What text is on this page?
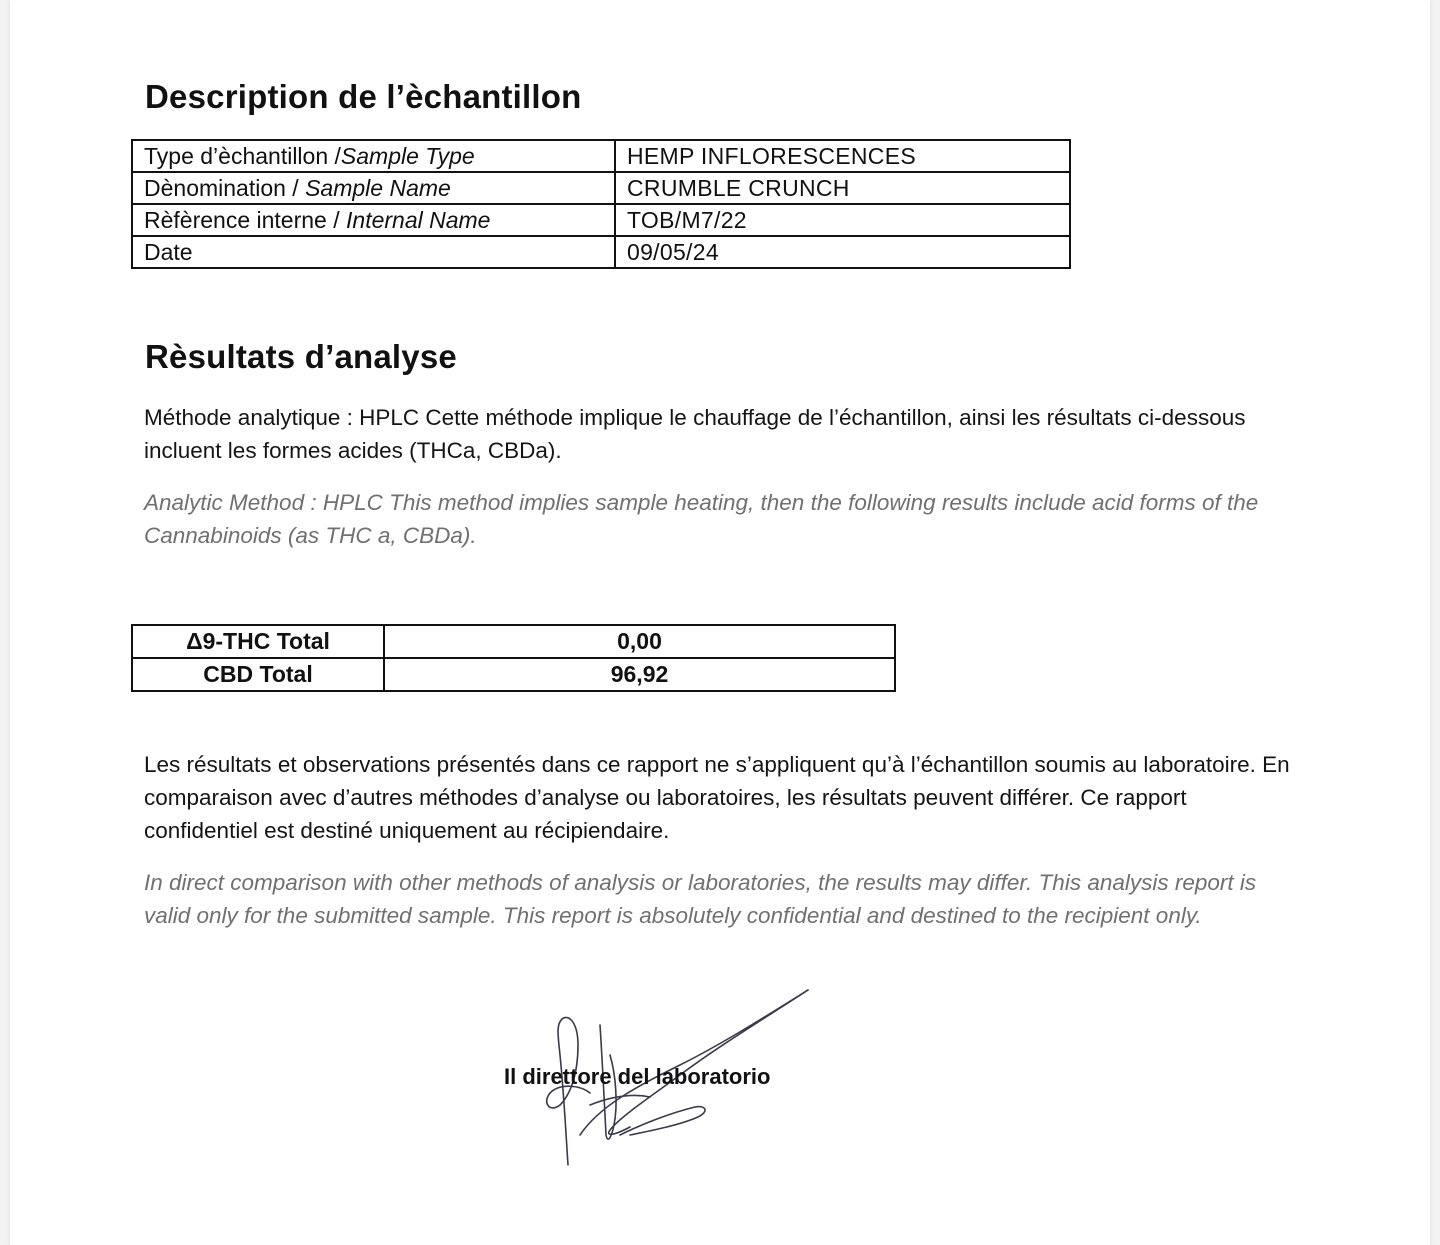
Description de l’èchantillon
Type d’èchantillon /Sample Type	HEMP INFLORESCENCES
Dènomination / Sample Name	CRUMBLE CRUNCH
Rèfèrence interne / Internal Name	TOB/M7/22
Date	09/05/24
Rèsultats d’analyse
Méthode analytique : HPLC Cette méthode implique le chauffage de l’échantillon, ainsi les résultats ci-dessous incluent les formes acides (THCa, CBDa).
Analytic Method : HPLC This method implies sample heating, then the following results include acid forms of the Cannabinoids (as THC a, CBDa).
Δ9-THC Total	0,00
CBD Total	96,92
Les résultats et observations présentés dans ce rapport ne s’appliquent qu’à l’échantillon soumis au laboratoire. En comparaison avec d’autres méthodes d’analyse ou laboratoires, les résultats peuvent différer. Ce rapport confidentiel est destiné uniquement au récipiendaire.
In direct comparison with other methods of analysis or laboratories, the results may differ. This analysis report is valid only for the submitted sample. This report is absolutely confidential and destined to the recipient only.
Il direttore del laboratorio
